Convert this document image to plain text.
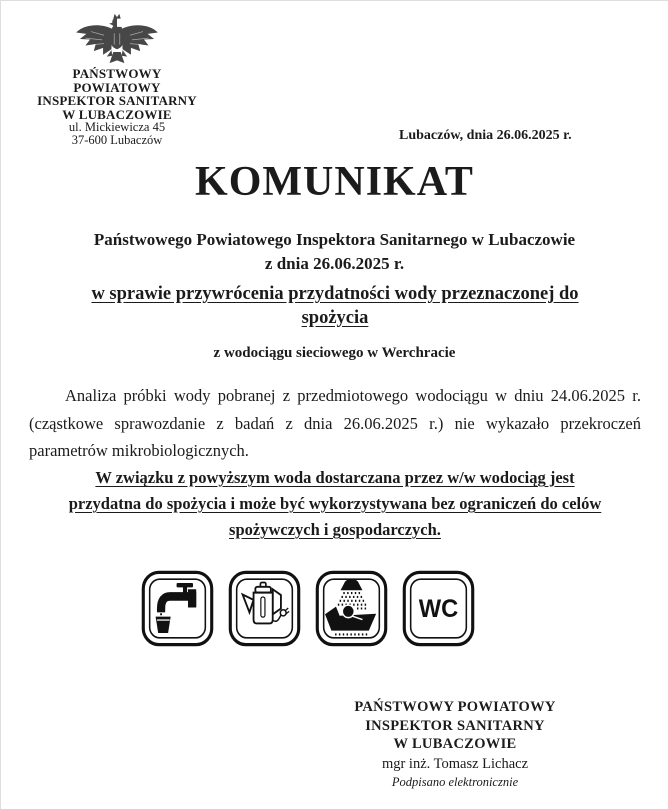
PAŃSTWOWY POWIATOWY
INSPEKTOR SANITARNY
W LUBACZOWIE
ul. Mickiewicza 45
37-600 Lubaczów	Lubaczów, dnia 26.06.2025 r.
KOMUNIKAT
Państwowego Powiatowego Inspektora Sanitarnego w Lubaczowie
z dnia 26.06.2025 r.
w sprawie przywrócenia przydatności wody przeznaczonej do
spożycia
z wodociągu sieciowego w Werchracie
Analiza próbki wody pobranej z przedmiotowego wodociągu w dniu 24.06.2025 r. (cząstkowe sprawozdanie z badań z dnia 26.06.2025 r.) nie wykazało przekroczeń parametrów mikrobiologicznych.
W związku z powyższym woda dostarczana przez w/w wodociąg jest
przydatna do spożycia i może być wykorzystywana bez ograniczeń do celów
spożywczych i gospodarczych.
WC
PAŃSTWOWY POWIATOWY
INSPEKTOR SANITARNY
W LUBACZOWIE
mgr inż. Tomasz Lichacz
Podpisano elektronicznie
